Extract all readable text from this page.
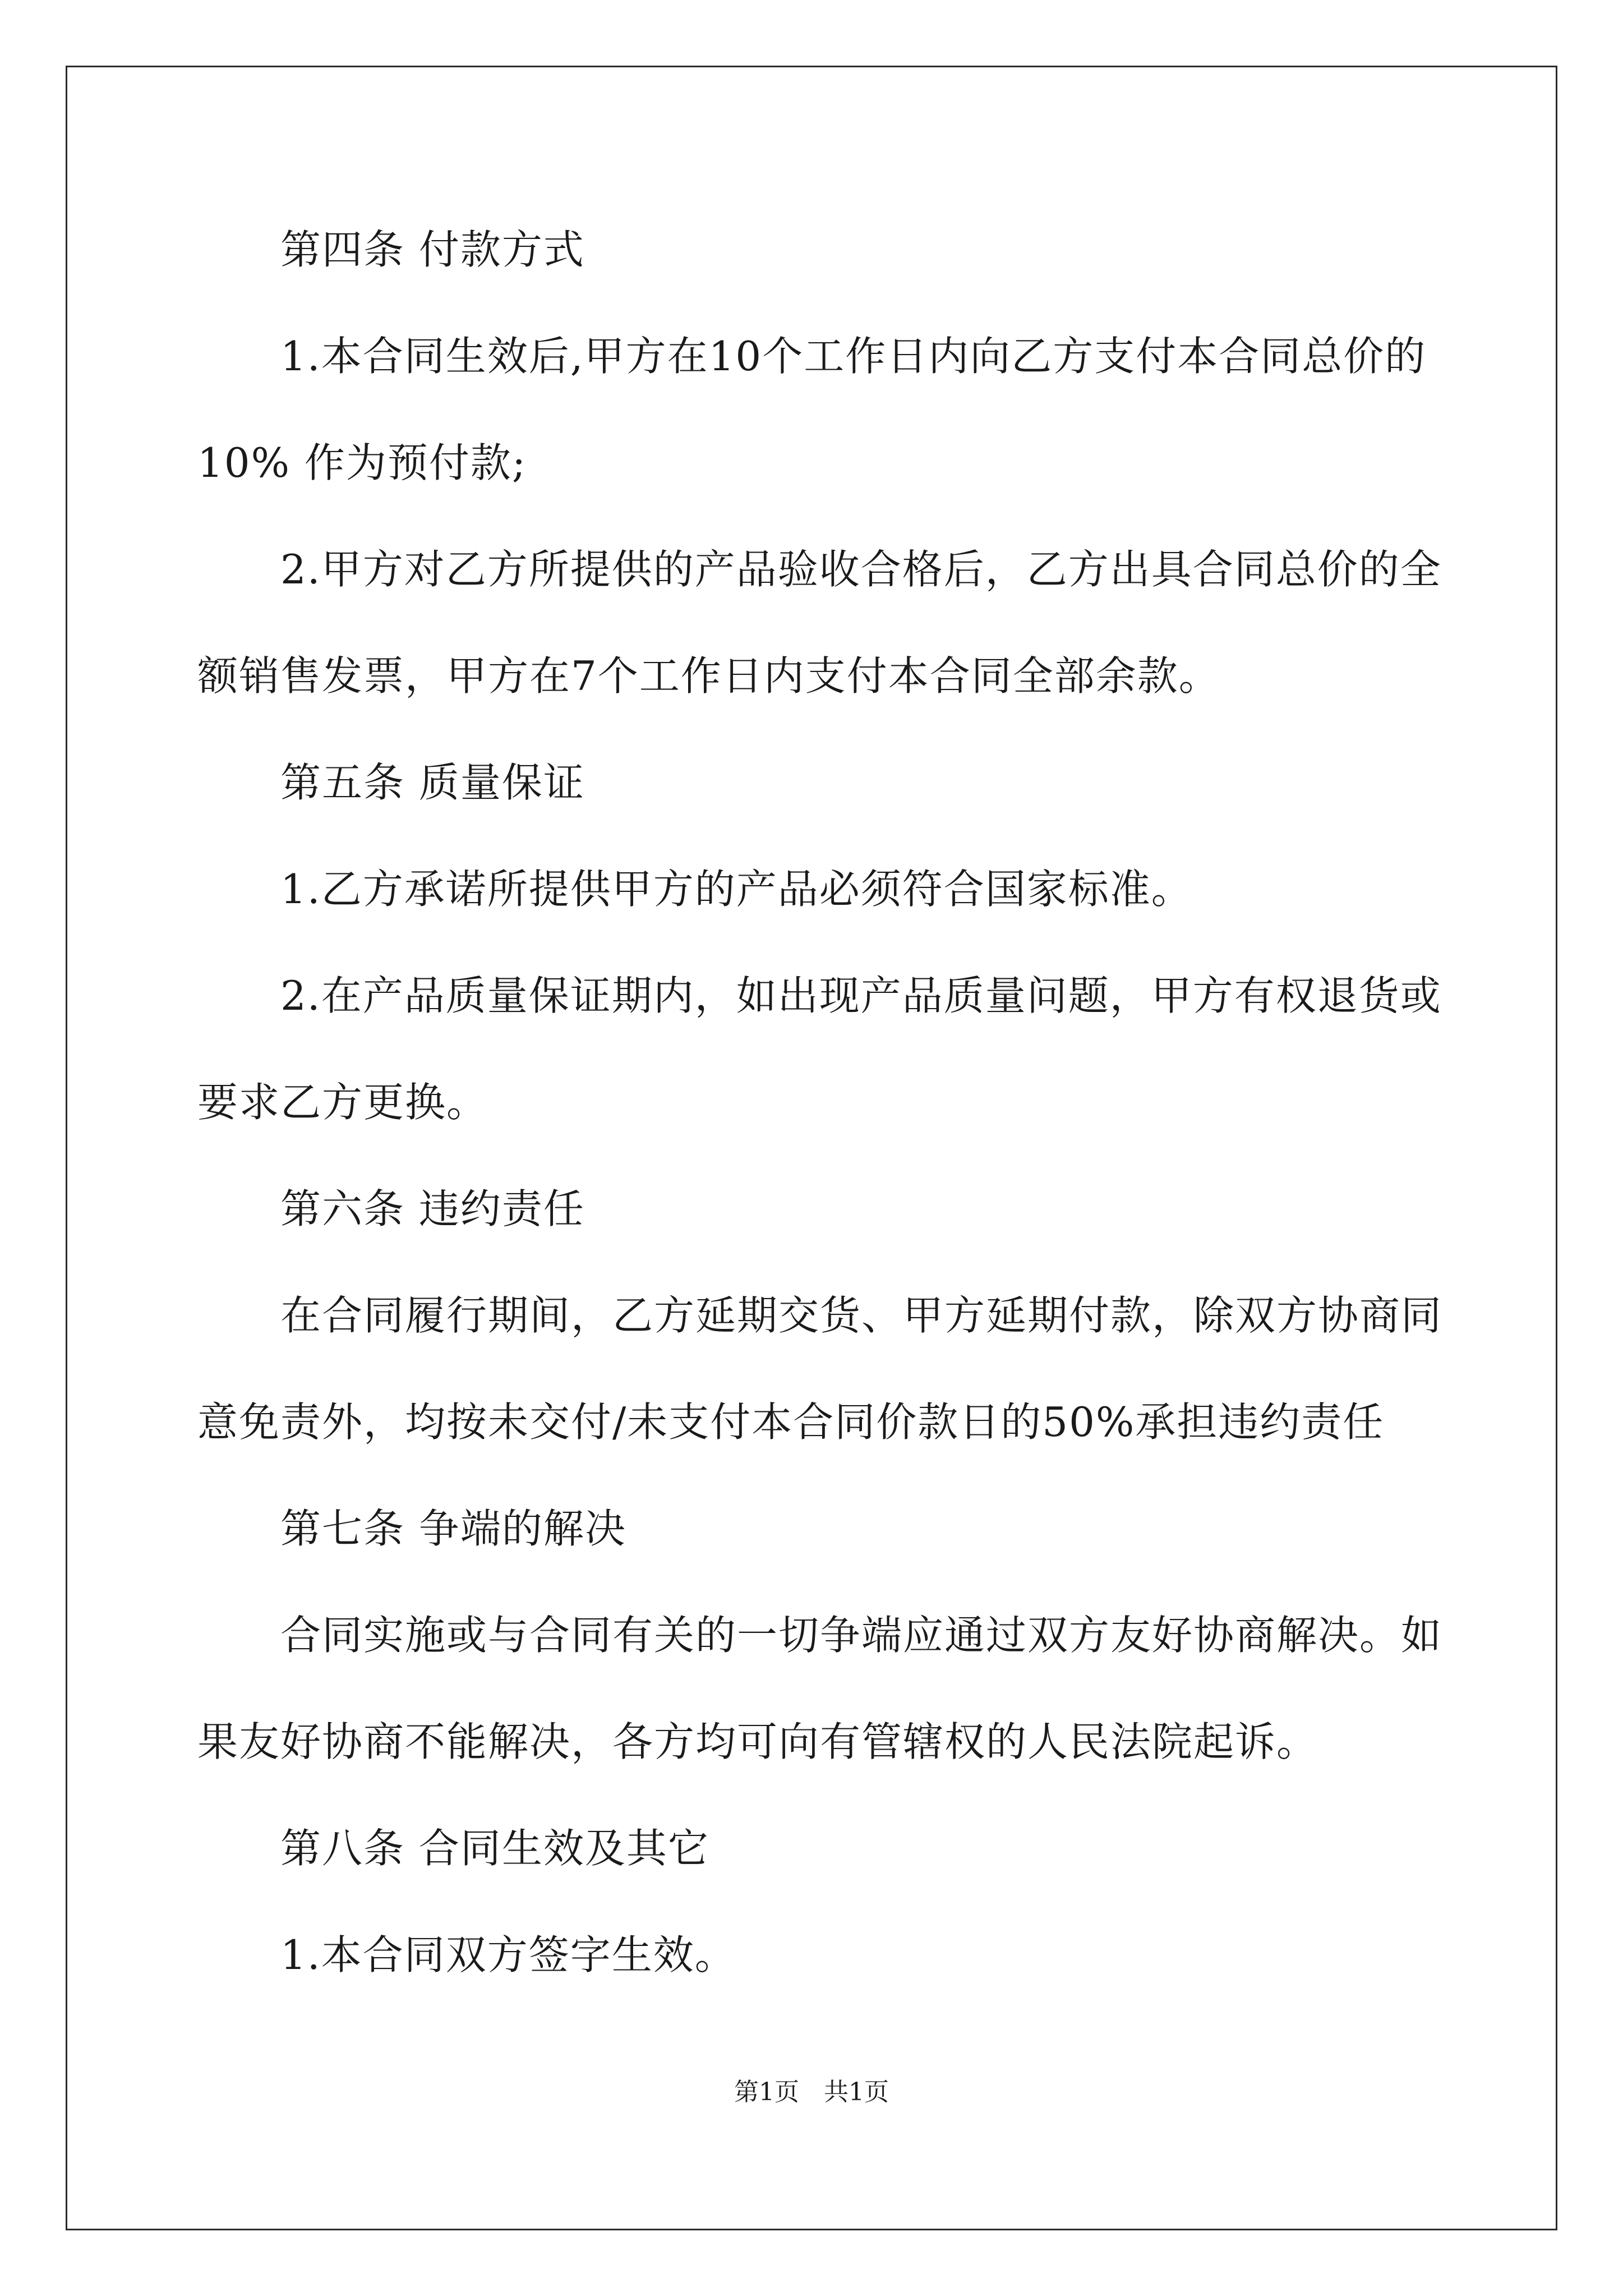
第四条 付款方式
1.本合同生效后,甲方在10个工作日内向乙方支付本合同总价的
10% 作为预付款;
2.甲方对乙方所提供的产品验收合格后，乙方出具合同总价的全
额销售发票，甲方在7个工作日内支付本合同全部余款。
第五条 质量保证
1.乙方承诺所提供甲方的产品必须符合国家标准。
2.在产品质量保证期内，如出现产品质量问题，甲方有权退货或
要求乙方更换。
第六条 违约责任
在合同履行期间，乙方延期交货、甲方延期付款，除双方协商同
意免责外，均按未交付/未支付本合同价款日的50%承担违约责任
第七条 争端的解决
合同实施或与合同有关的一切争端应通过双方友好协商解决。如
果友好协商不能解决，各方均可向有管辖权的人民法院起诉。
第八条 合同生效及其它
1.本合同双方签字生效。
第1页　共1页
